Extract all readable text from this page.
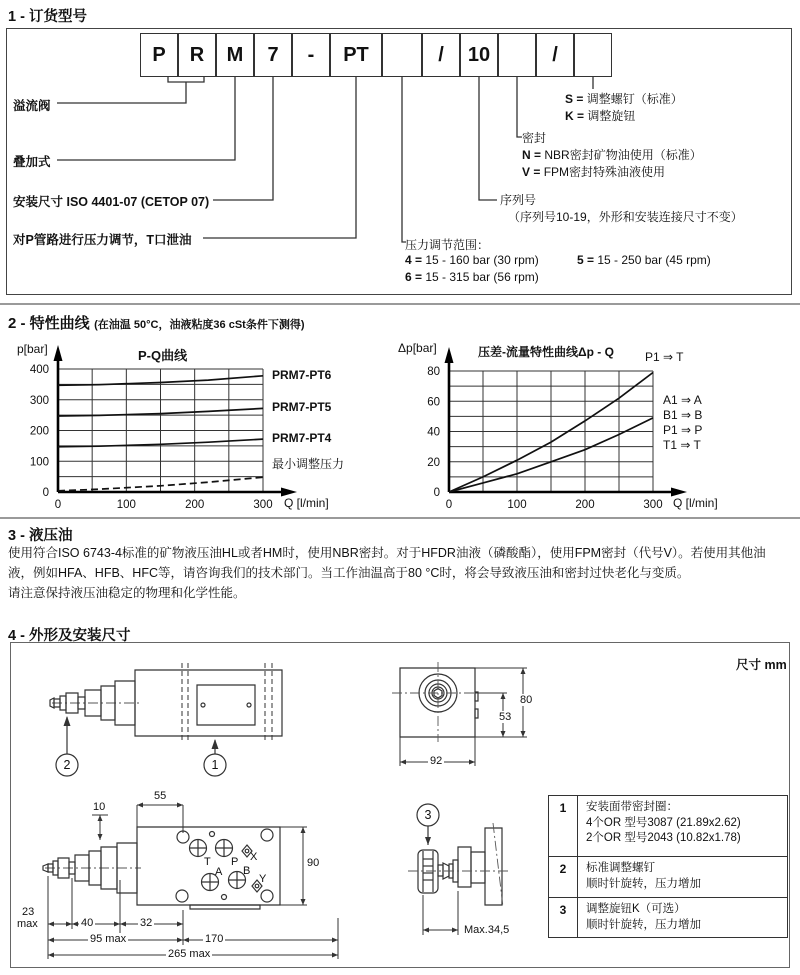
1 - 订货型号
P	R	M	7	-	PT	/	10	/
溢流阀
叠加式
安装尺寸 ISO 4401-07 (CETOP 07)
对P管路进行压力调节，T口泄油
S = 调整螺钉（标准）
K = 调整旋钮
密封
N = NBR密封矿物油使用（标准）
V = FPM密封特殊油液使用
序列号
（序列号10-19，外形和安装连接尺寸不变）
压力调节范围：
4 = 15 - 160 bar (30 rpm)	5 = 15 - 250 bar (45 rpm)
6 = 15 - 315 bar (56 rpm)
2 - 特性曲线 (在油温 50°C，油液粘度36 cSt条件下测得)
0	100	200	300
0
100
200
300
400
0	100	200	300
0
20
40
60
80
p[bar]	P-Q曲线
Q [l/min]
PRM7-PT6
PRM7-PT5
PRM7-PT4
最小调整压力
Δp[bar]	压差-流量特性曲线Δp - Q	P1 ⇒ T
Q [l/min]
A1 ⇒ A
B1 ⇒ B
P1 ⇒ P
T1 ⇒ T
3 - 液压油
使用符合ISO 6743-4标准的矿物液压油HL或者HM时，使用NBR密封。对于HFDR油液（磷酸酯），使用FPM密封（代号V）。若使用其他油
液，例如HFA、HFB、HFC等，请咨询我们的技术部门。当工作油温高于80 °C时，将会导致液压油和密封过快老化与变质。
请注意保持液压油稳定的物理和化学性能。
4 - 外形及安装尺寸
尺寸 mm
2	1
80
53
92
T P X
A B
Y
55
10
90
23
max	40	32
95 max	170
265 max
3
Max.34,5
1	安装面带密封圈：
4个OR 型号3087 (21.89x2.62)
2个OR 型号2043 (10.82x1.78)
2	标准调整螺钉
顺时针旋转，压力增加
3	调整旋钮K（可选）
顺时针旋转，压力增加
